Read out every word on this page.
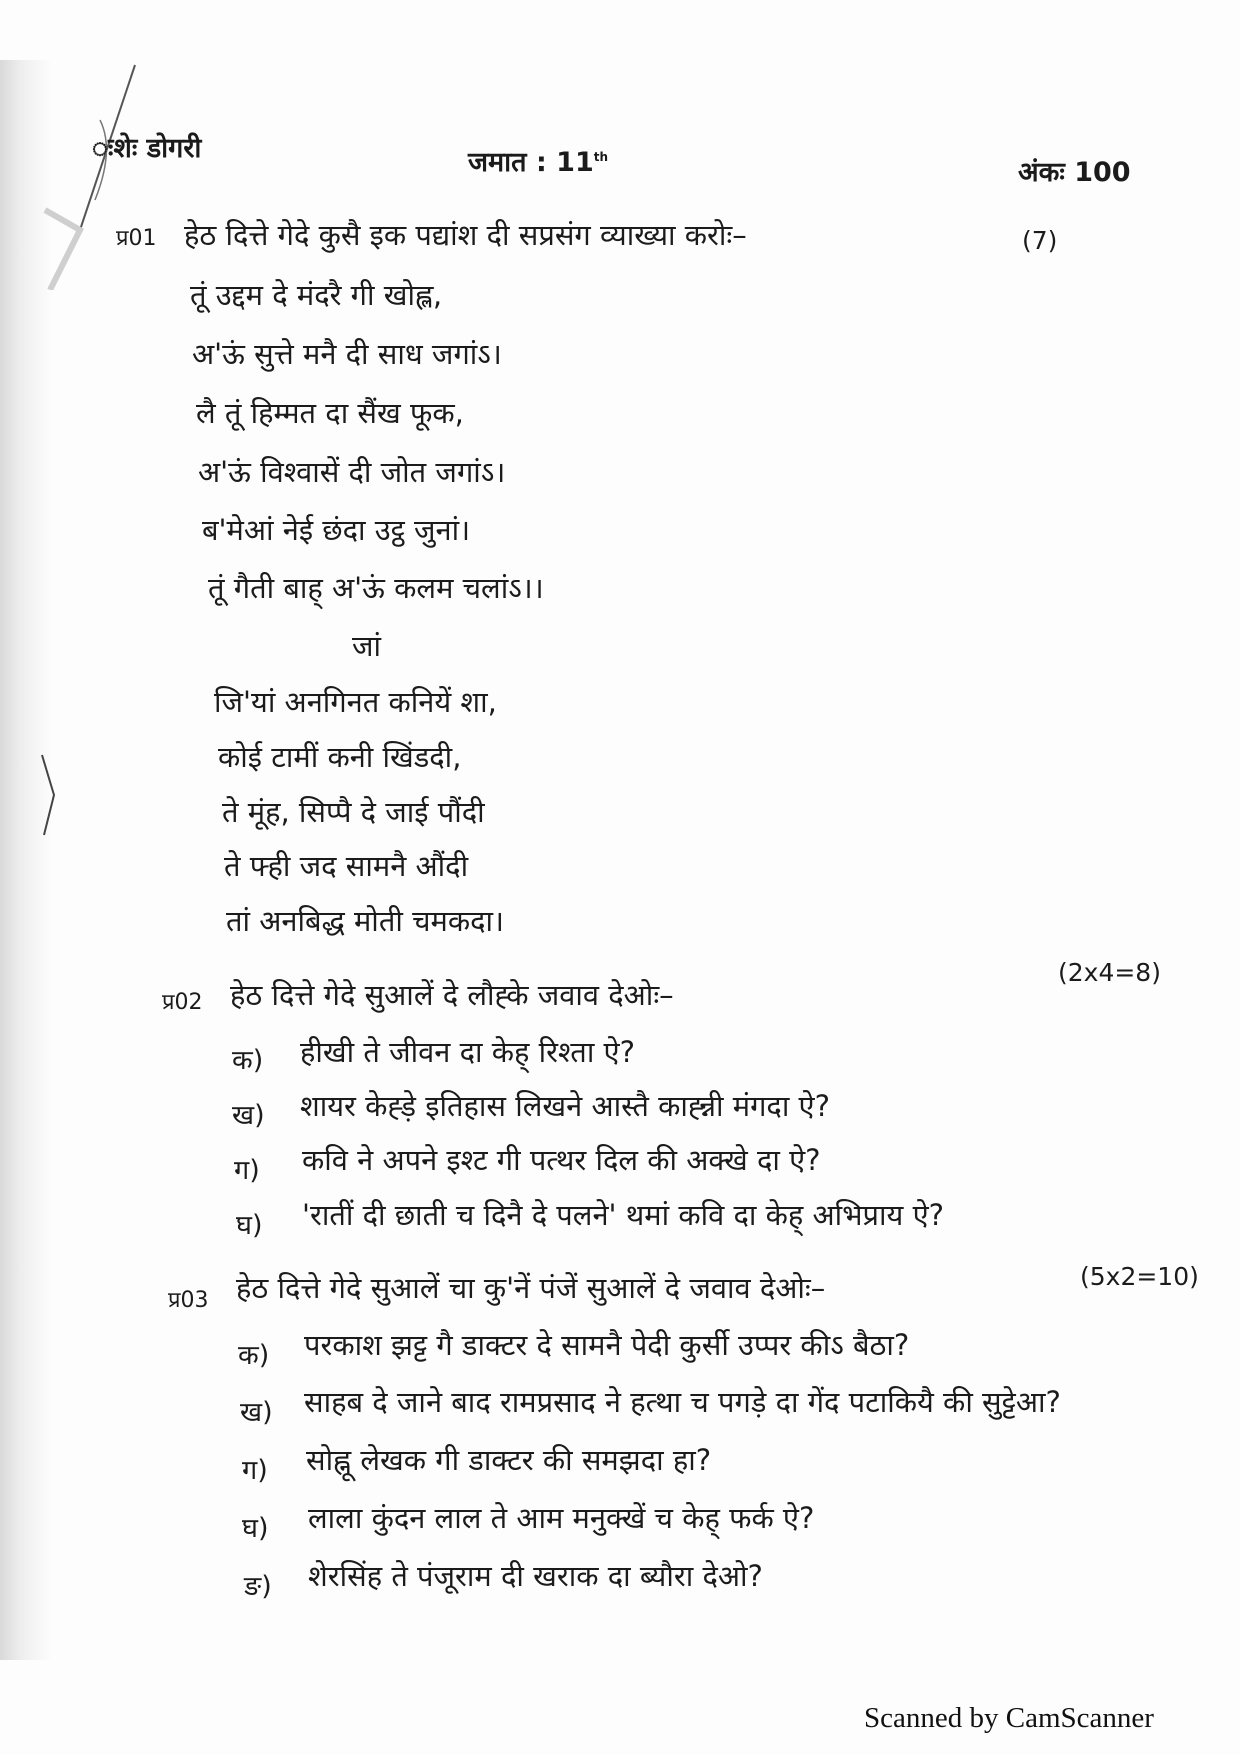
ःशेः डोगरी	जमात : 11th	अंकः 100
प्र01 हेठ दित्ते गेदे कुसै इक पद्यांश दी सप्रसंग व्याख्या करोः–	(7)
तूं उद्दम दे मंदरै गी खोह्ल,
अ'ऊं सुत्ते मनै दी साध जगांऽ।
लै तूं हिम्मत दा सैंख फूक,
अ'ऊं विश्वासें दी जोत जगांऽ।
ब'मेआं नेई छंदा उट्ठ जुनां।
तूं गैती बाह् अ'ऊं कलम चलांऽ।।
जां
जि'यां अनगिनत कनियें शा,
कोई टामीं कनी खिंडदी,
ते मूंह, सिप्पै दे जाई पौंदी
ते फ्ही जद सामनै औंदी
तां अनबिद्ध मोती चमकदा।
प्र02 हेठ दित्ते गेदे सुआलें दे लौह्के जवाव देओः–
(2x4=8)
क) हीखी ते जीवन दा केह् रिश्ता ऐ?
ख) शायर केह्ड़े इतिहास लिखने आस्तै काह्न्नी मंगदा ऐ?
ग) कवि ने अपने इश्ट गी पत्थर दिल की अक्खे दा ऐ?
घ) 'रातीं दी छाती च दिनै दे पलने' थमां कवि दा केह् अभिप्राय ऐ?
प्र03 हेठ दित्ते गेदे सुआलें चा कु'नें पंजें सुआलें दे जवाव देओः–	(5x2=10)
क) परकाश झट्ट गै डाक्टर दे सामनै पेदी कुर्सी उप्पर कीऽ बैठा?
ख) साहब दे जाने बाद रामप्रसाद ने हत्था च पगड़े दा गेंद पटाकियै की सुट्टेआ?
ग) सोह्नू लेखक गी डाक्टर की समझदा हा?
घ) लाला कुंदन लाल ते आम मनुक्खें च केह् फर्क ऐ?
ङ) शेरसिंह ते पंजूराम दी खराक दा ब्यौरा देओ?
Scanned by CamScanner
